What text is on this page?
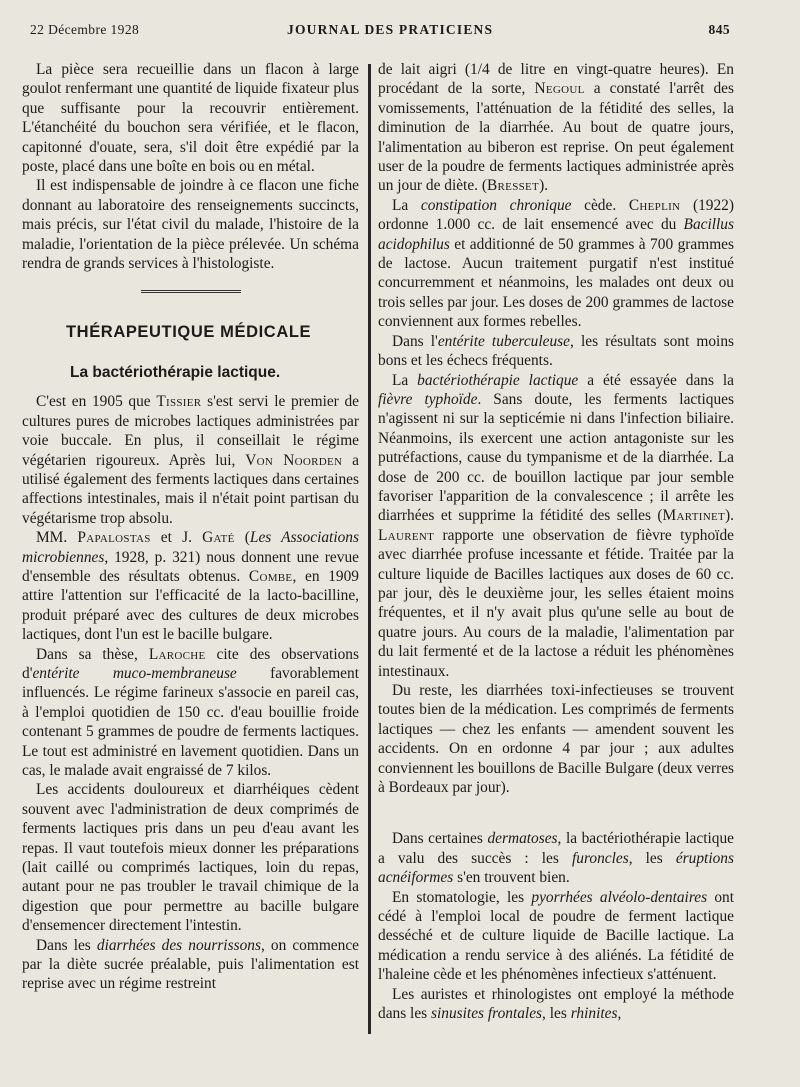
22 Décembre 1928	JOURNAL DES PRATICIENS	845

La pièce sera recueillie dans un flacon à large goulot renfermant une quantité de liquide fixateur plus que suffisante pour la recouvrir entièrement. L'étanchéité du bouchon sera vérifiée, et le flacon, capitonné d'ouate, sera, s'il doit être expédié par la poste, placé dans une boîte en bois ou en métal.

Il est indispensable de joindre à ce flacon une fiche donnant au laboratoire des renseignements succincts, mais précis, sur l'état civil du malade, l'histoire de la maladie, l'orientation de la pièce prélevée. Un schéma rendra de grands services à l'histologiste.

THÉRAPEUTIQUE MÉDICALE

La bactériothérapie lactique.

C'est en 1905 que Tissier s'est servi le premier de cultures pures de microbes lactiques administrées par voie buccale. En plus, il conseillait le régime végétarien rigoureux. Après lui, Von Noorden a utilisé également des ferments lactiques dans certaines affections intestinales, mais il n'était point partisan du végétarisme trop absolu.

MM. Papalostas et J. Gaté (Les Associations microbiennes, 1928, p. 321) nous donnent une revue d'ensemble des résultats obtenus. Combe, en 1909 attire l'attention sur l'efficacité de la lacto-bacilline, produit préparé avec des cultures de deux microbes lactiques, dont l'un est le bacille bulgare.

Dans sa thèse, Laroche cite des observations d'entérite muco-membraneuse favorablement influencés. Le régime farineux s'associe en pareil cas, à l'emploi quotidien de 150 cc. d'eau bouillie froide contenant 5 grammes de poudre de ferments lactiques. Le tout est administré en lavement quotidien. Dans un cas, le malade avait engraissé de 7 kilos.

Les accidents douloureux et diarrhéiques cèdent souvent avec l'administration de deux comprimés de ferments lactiques pris dans un peu d'eau avant les repas. Il vaut toutefois mieux donner les préparations (lait caillé ou comprimés lactiques, loin du repas, autant pour ne pas troubler le travail chimique de la digestion que pour permettre au bacille bulgare d'ensemencer directement l'intestin.

Dans les diarrhées des nourrissons, on commence par la diète sucrée préalable, puis l'alimentation est reprise avec un régime restreint

de lait aigri (1/4 de litre en vingt-quatre heures). En procédant de la sorte, Negoul a constaté l'arrêt des vomissements, l'atténuation de la fétidité des selles, la diminution de la diarrhée. Au bout de quatre jours, l'alimentation au biberon est reprise. On peut également user de la poudre de ferments lactiques administrée après un jour de diète. (Bresset).

La constipation chronique cède. Cheplin (1922) ordonne 1.000 cc. de lait ensemencé avec du Bacillus acidophilus et additionné de 50 grammes à 700 grammes de lactose. Aucun traitement purgatif n'est institué concurremment et néanmoins, les malades ont deux ou trois selles par jour. Les doses de 200 grammes de lactose conviennent aux formes rebelles.

Dans l'entérite tuberculeuse, les résultats sont moins bons et les échecs fréquents.

La bactériothérapie lactique a été essayée dans la fièvre typhoïde. Sans doute, les ferments lactiques n'agissent ni sur la septicémie ni dans l'infection biliaire. Néanmoins, ils exercent une action antagoniste sur les putréfactions, cause du tympanisme et de la diarrhée. La dose de 200 cc. de bouillon lactique par jour semble favoriser l'apparition de la convalescence ; il arrête les diarrhées et supprime la fétidité des selles (Martinet). Laurent rapporte une observation de fièvre typhoïde avec diarrhée profuse incessante et fétide. Traitée par la culture liquide de Bacilles lactiques aux doses de 60 cc. par jour, dès le deuxième jour, les selles étaient moins fréquentes, et il n'y avait plus qu'une selle au bout de quatre jours. Au cours de la maladie, l'alimentation par du lait fermenté et de la lactose a réduit les phénomènes intestinaux.

Du reste, les diarrhées toxi-infectieuses se trouvent toutes bien de la médication. Les comprimés de ferments lactiques — chez les enfants — amendent souvent les accidents. On en ordonne 4 par jour ; aux adultes conviennent les bouillons de Bacille Bulgare (deux verres à Bordeaux par jour).

Dans certaines dermatoses, la bactériothérapie lactique a valu des succès : les furoncles, les éruptions acnéiformes s'en trouvent bien.

En stomatologie, les pyorrhées alvéolo-dentaires ont cédé à l'emploi local de poudre de ferment lactique desséché et de culture liquide de Bacille lactique. La médication a rendu service à des aliénés. La fétidité de l'haleine cède et les phénomènes infectieux s'atténuent.

Les auristes et rhinologistes ont employé la méthode dans les sinusites frontales, les rhinites,
